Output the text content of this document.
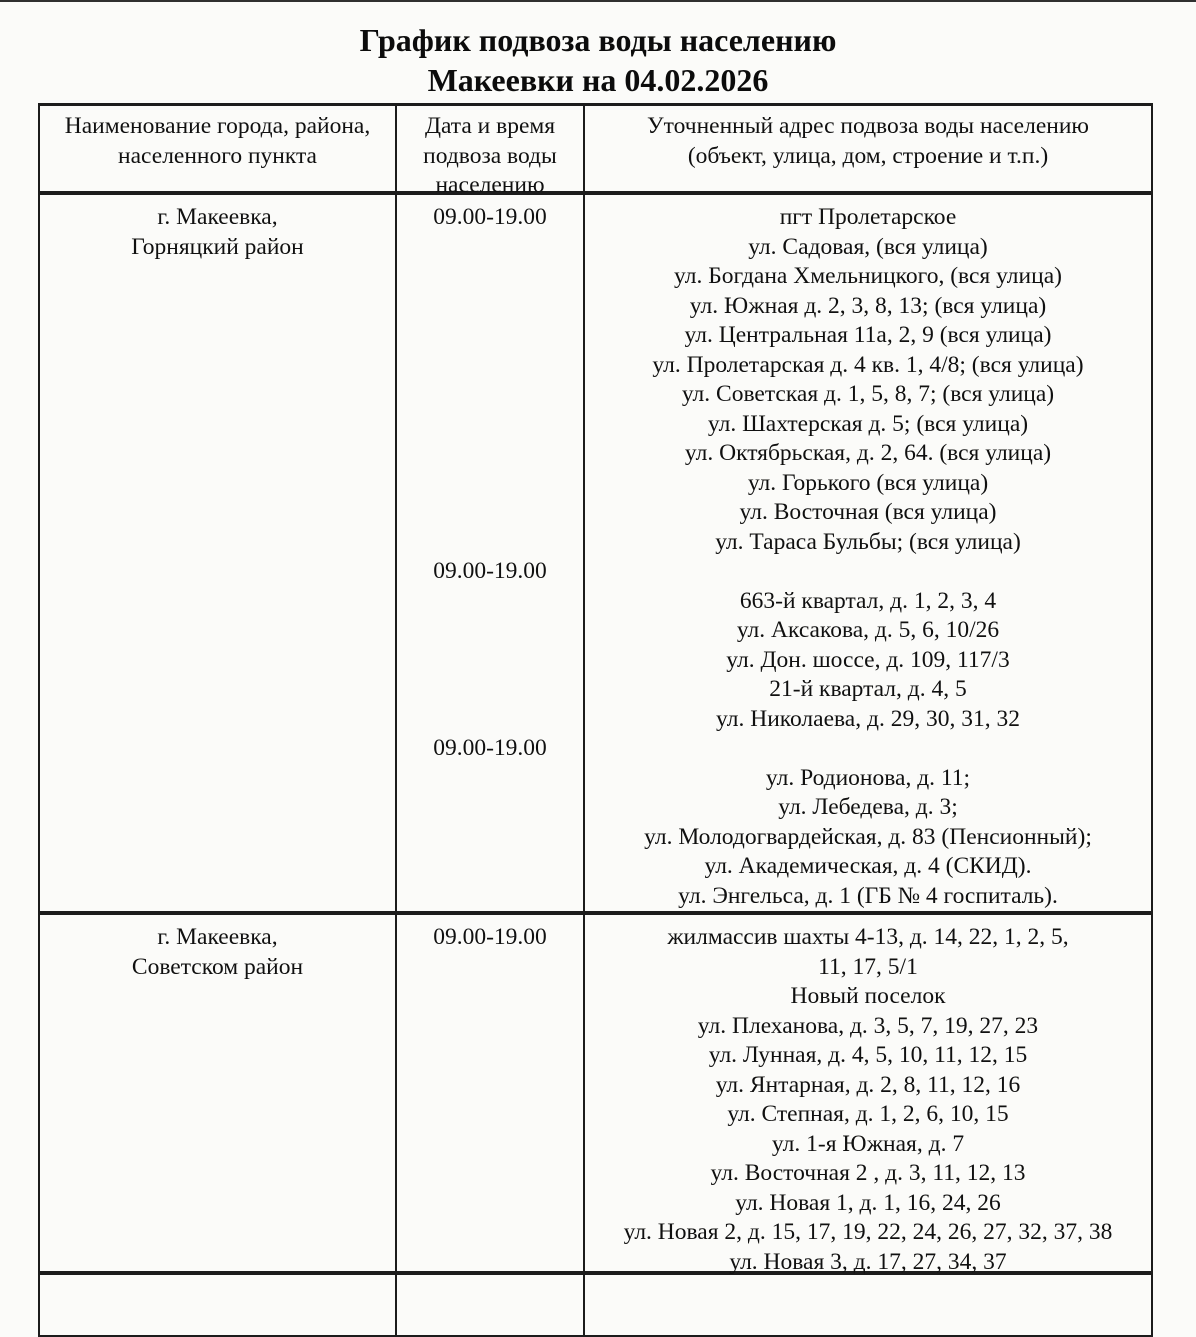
График подвоза воды населению
Макеевки на 04.02.2026
Наименование города, района,
населенного пункта
Дата и время
подвоза воды
населению
Уточненный адрес подвоза воды населению
(объект, улица, дом, строение и т.п.)
г. Макеевка,
Горняцкий район
09.00-19.00
09.00-19.00
09.00-19.00
пгт Пролетарское
ул. Садовая, (вся улица)
ул. Богдана Хмельницкого, (вся улица)
ул. Южная д. 2, 3, 8, 13; (вся улица)
ул. Центральная 11а, 2, 9 (вся улица)
ул. Пролетарская д. 4 кв. 1, 4/8; (вся улица)
ул. Советская д. 1, 5, 8, 7; (вся улица)
ул. Шахтерская д. 5; (вся улица)
ул. Октябрьская, д. 2, 64. (вся улица)
ул. Горького (вся улица)
ул. Восточная (вся улица)
ул. Тараса Бульбы; (вся улица)

663-й квартал, д. 1, 2, 3, 4
ул. Аксакова, д. 5, 6, 10/26
ул. Дон. шоссе, д. 109, 117/3
21-й квартал, д. 4, 5
ул. Николаева, д. 29, 30, 31, 32

ул. Родионова, д. 11;
ул. Лебедева, д. 3;
ул. Молодогвардейская, д. 83 (Пенсионный);
ул. Академическая, д. 4 (СКИД).
ул. Энгельса, д. 1 (ГБ № 4 госпиталь).
г. Макеевка,
Советском район
09.00-19.00	жилмассив шахты 4-13, д. 14, 22, 1, 2, 5,
11, 17, 5/1
Новый поселок
ул. Плеханова, д. 3, 5, 7, 19, 27, 23
ул. Лунная, д. 4, 5, 10, 11, 12, 15
ул. Янтарная, д. 2, 8, 11, 12, 16
ул. Степная, д. 1, 2, 6, 10, 15
ул. 1-я Южная, д. 7
ул. Восточная 2 , д. 3, 11, 12, 13
ул. Новая 1, д. 1, 16, 24, 26
ул. Новая 2, д. 15, 17, 19, 22, 24, 26, 27, 32, 37, 38
ул. Новая 3, д. 17, 27, 34, 37
